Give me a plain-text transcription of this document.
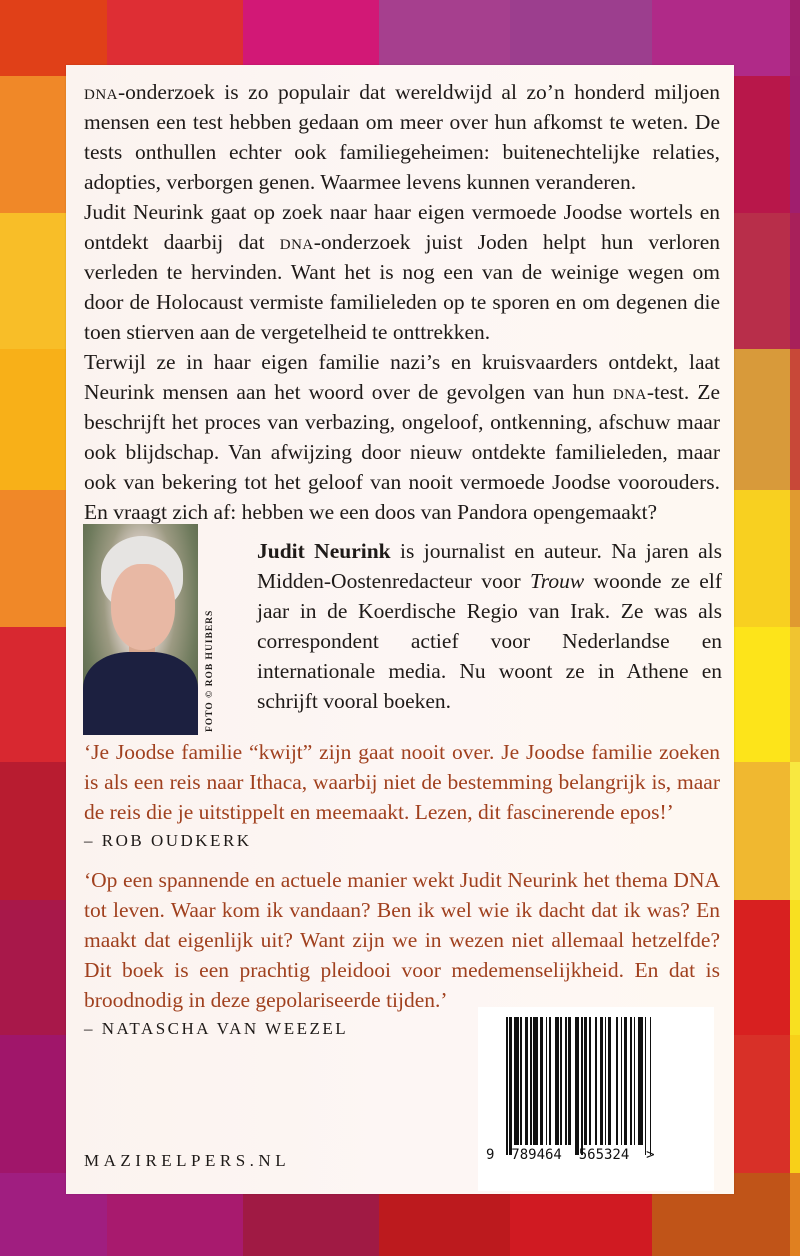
dna-onderzoek is zo populair dat wereldwijd al zo’n honderd miljoen mensen een test hebben gedaan om meer over hun afkomst te weten. De tests onthullen echter ook familiegeheimen: buitenechtelijke relaties, adopties, verborgen genen. Waarmee levens kunnen veranderen.

Judit Neurink gaat op zoek naar haar eigen vermoede Joodse wortels en ontdekt daarbij dat dna-onderzoek juist Joden helpt hun verloren verleden te hervinden. Want het is nog een van de weinige wegen om door de Holocaust vermiste familieleden op te sporen en om degenen die toen stierven aan de vergetelheid te onttrekken.

Terwijl ze in haar eigen familie nazi’s en kruisvaarders ontdekt, laat Neurink mensen aan het woord over de gevolgen van hun dna-test. Ze beschrijft het proces van verbazing, ongeloof, ontkenning, afschuw maar ook blijdschap. Van afwijzing door nieuw ontdekte familieleden, maar ook van bekering tot het geloof van nooit vermoede Joodse voorouders. En vraagt zich af: hebben we een doos van Pandora opengemaakt?

FOTO © ROB HUIBERS
Judit Neurink is journalist en auteur. Na jaren als Midden-Oostenredacteur voor Trouw woonde ze elf jaar in de Koerdische Regio van Irak. Ze was als correspondent actief voor Nederlandse en internationale media. Nu woont ze in Athene en schrijft vooral boeken.
‘Je Joodse familie “kwijt” zijn gaat nooit over. Je Joodse familie zoeken is als een reis naar Ithaca, waarbij niet de bestemming belangrijk is, maar de reis die je uitstippelt en meemaakt. Lezen, dit fascinerende epos!’
– ROB OUDKERK
‘Op een spannende en actuele manier wekt Judit Neurink het thema DNA tot leven. Waar kom ik vandaan? Ben ik wel wie ik dacht dat ik was? En maakt dat eigenlijk uit? Want zijn we in wezen niet allemaal hetzelfde? Dit boek is een prachtig pleidooi voor medemenselijkheid. En dat is broodnodig in deze gepolariseerde tijden.’
– NATASCHA VAN WEEZEL
9  789464  565324  >
MAZIRELPERS.NL
